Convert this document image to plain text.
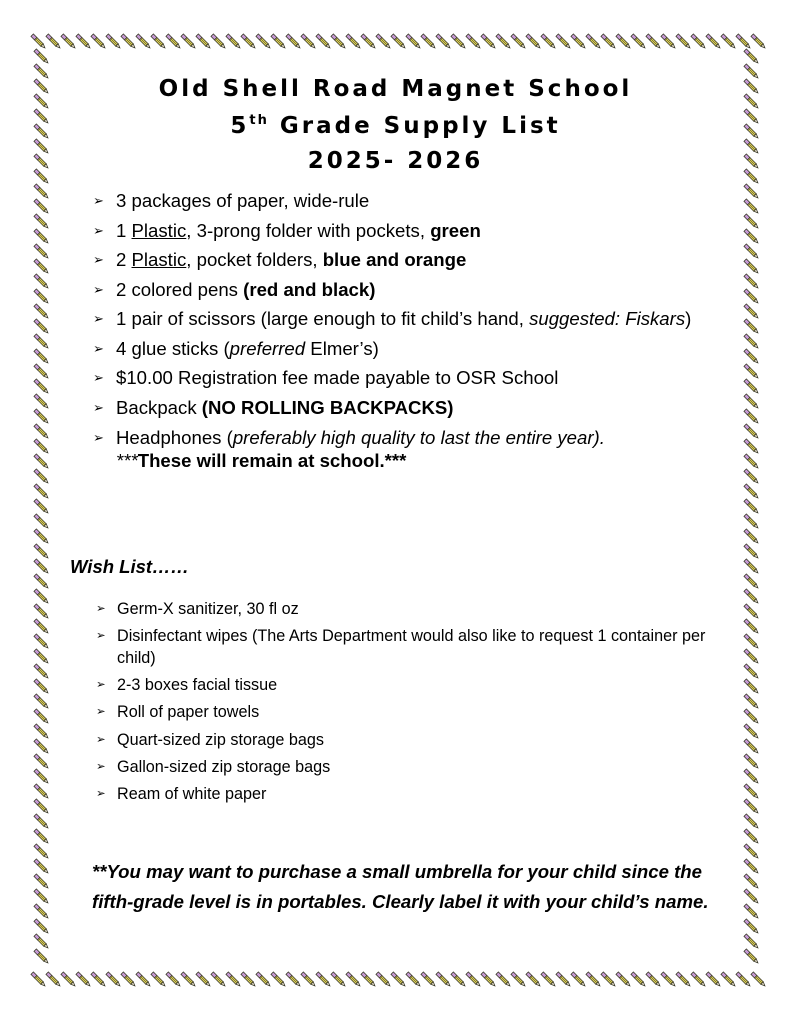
Old Shell Road Magnet School
5th Grade Supply List
2025- 2026
➢ 3 packages of paper, wide-rule
➢ 1 Plastic, 3-prong folder with pockets, green
➢ 2 Plastic, pocket folders, blue and orange
➢ 2 colored pens (red and black)
➢ 1 pair of scissors (large enough to fit child’s hand, suggested: Fiskars)
➢ 4 glue sticks (preferred Elmer’s)
➢ $10.00 Registration fee made payable to OSR School
➢ Backpack (NO ROLLING BACKPACKS)
➢ Headphones (preferably high quality to last the entire year).
***These will remain at school.***

Wish List……

➢ Germ-X sanitizer, 30 fl oz
➢ Disinfectant wipes (The Arts Department would also like to request 1 container per child)
➢ 2-3 boxes facial tissue
➢ Roll of paper towels
➢ Quart-sized zip storage bags
➢ Gallon-sized zip storage bags
➢ Ream of white paper

**You may want to purchase a small umbrella for your child since the fifth-grade level is in portables. Clearly label it with your child’s name.
